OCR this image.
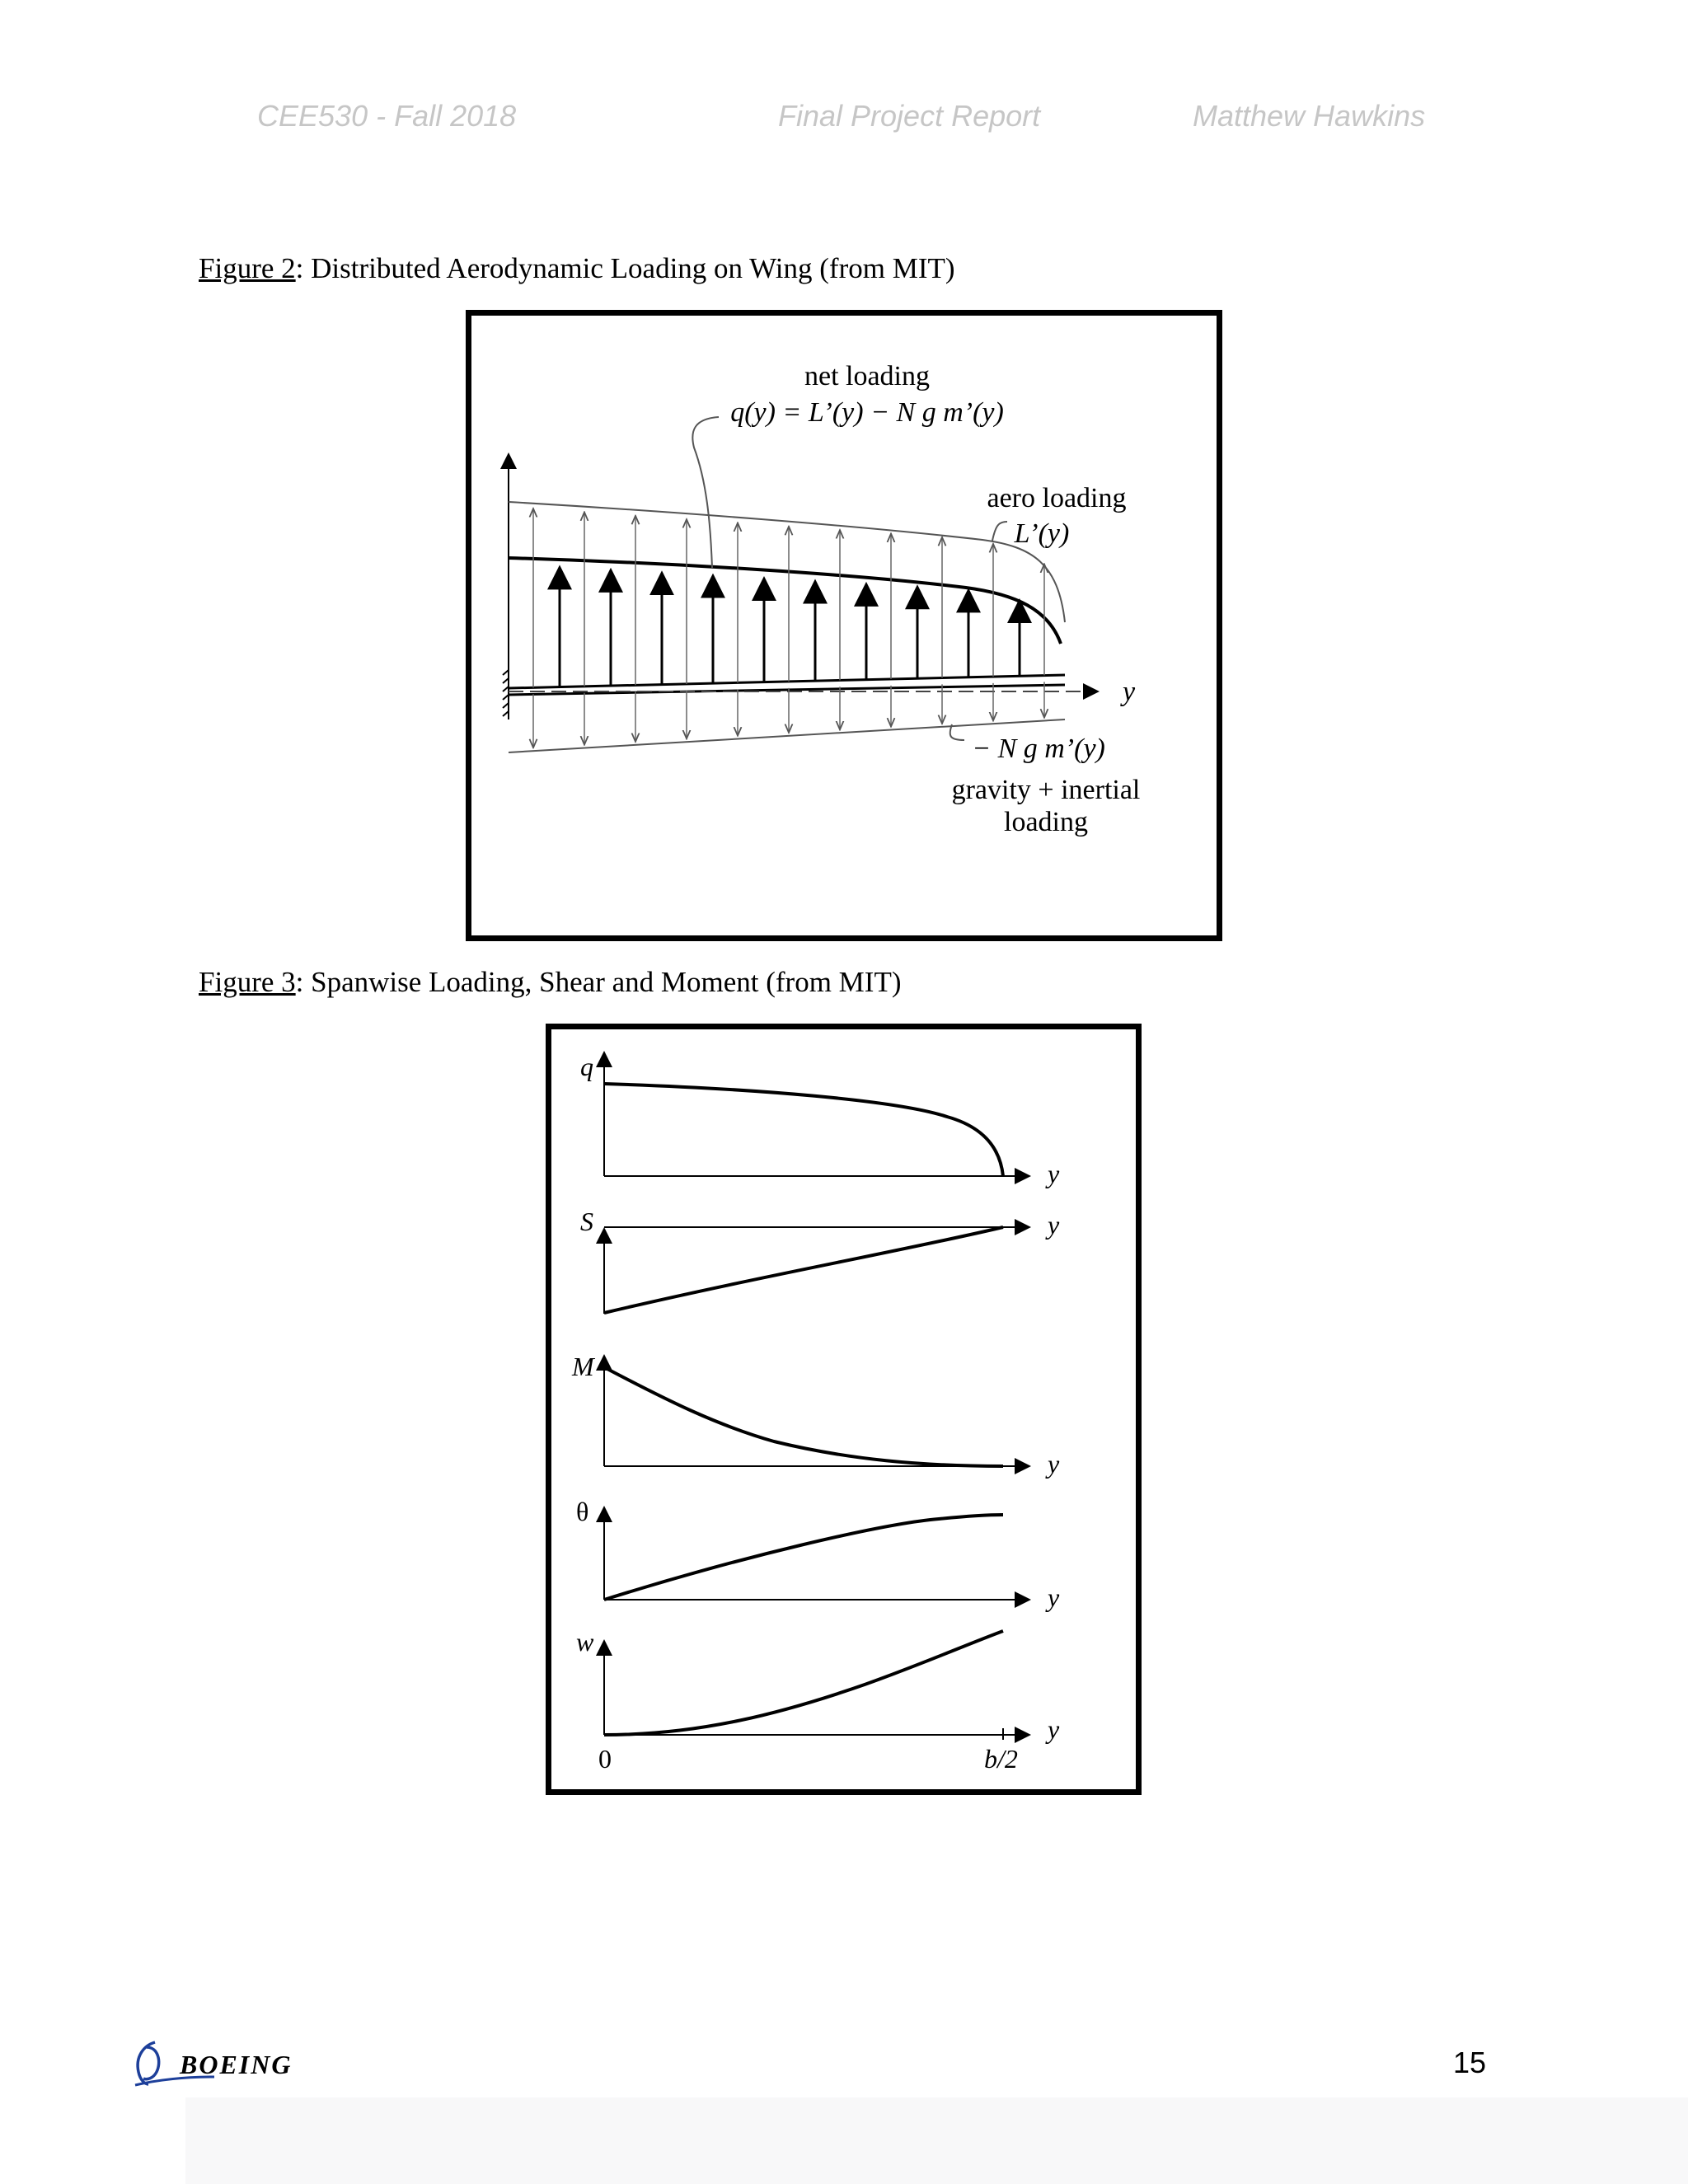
CEE530 - Fall 2018	Final Project Report	Matthew Hawkins
Figure 2: Distributed Aerodynamic Loading on Wing (from MIT)
net loading
q(y) = L’(y) − N g m’(y)
aero loading
L’(y)
y
− N g m’(y)
gravity + inertial
loading
Figure 3: Spanwise Loading, Shear and Moment (from MIT)
q
y
S	y
M
y
θ
y
w
y
0	b/2
BOEING	15
